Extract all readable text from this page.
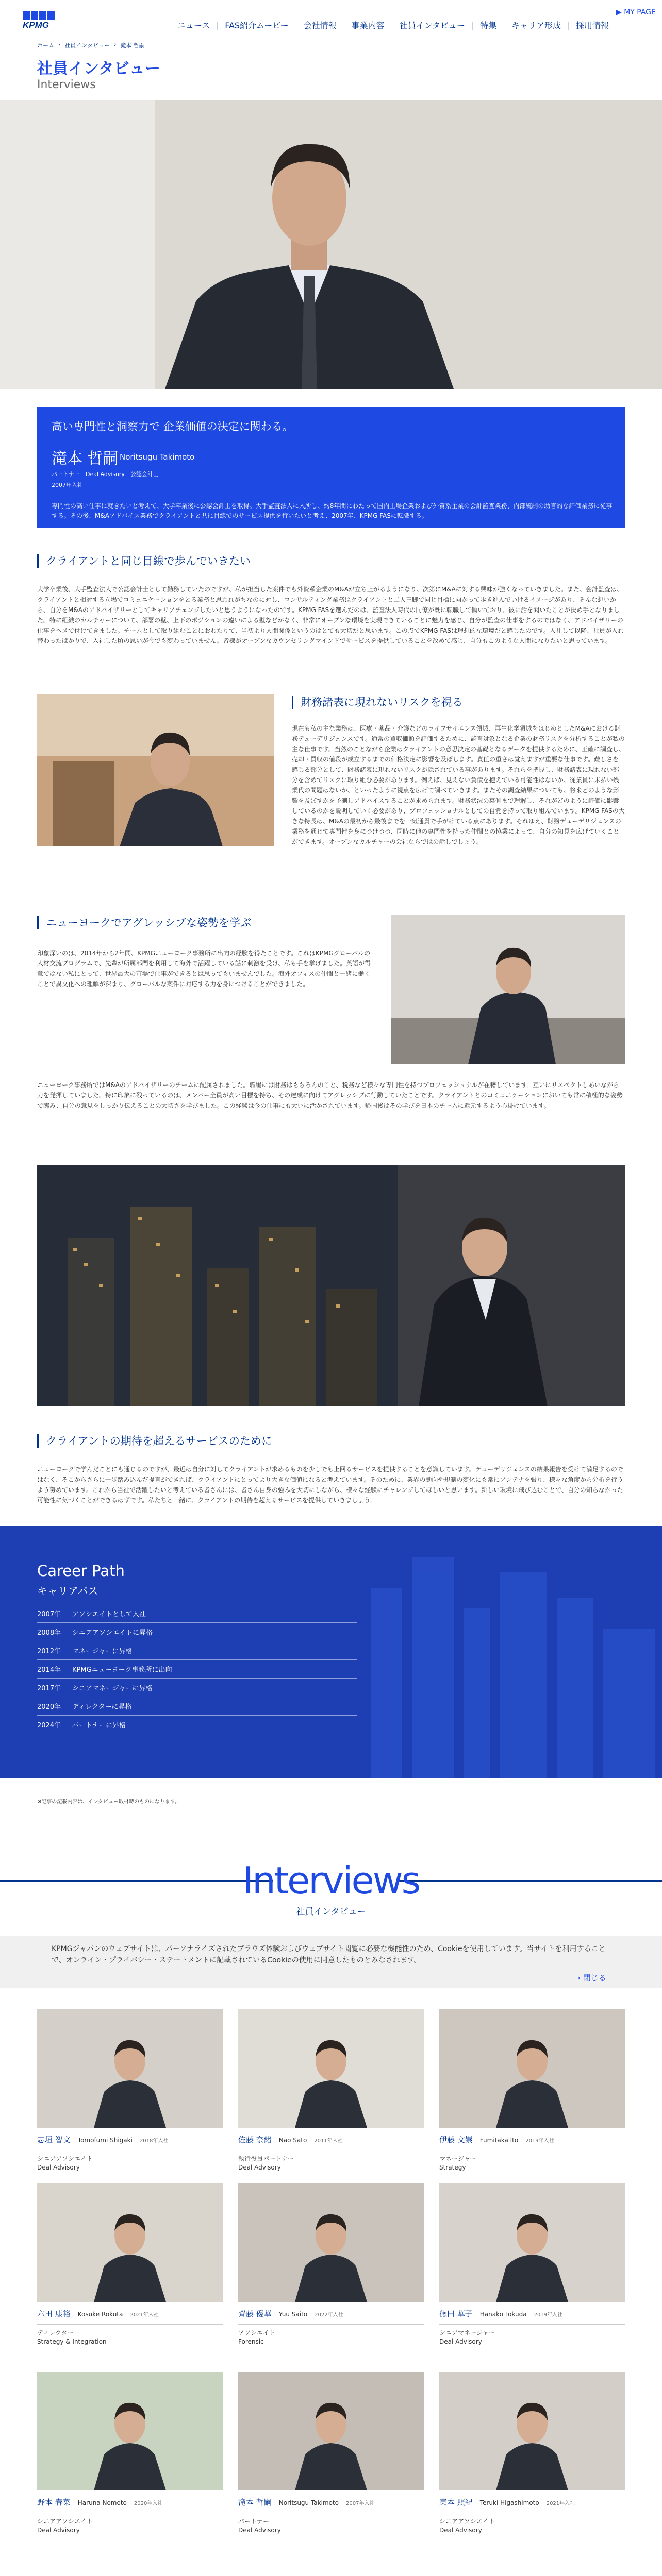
KPMG	ニュース	FAS紹介ムービー	会社情報	事業内容	社員インタビュー	特集	キャリア形成	採用情報
▶ MY PAGE
ホーム › 社員インタビュー › 滝本 哲嗣
社員インタビュー
Interviews
高い専門性と洞察力で 企業価値の決定に関わる。
滝本 哲嗣 Noritsugu Takimoto
パートナー　Deal Advisory　公認会計士
2007年入社
専門性の高い仕事に就きたいと考えて、大学卒業後に公認会計士を取得。大手監査法人に入所し、約8年間にわたって国内上場企業および外資系企業の会計監査業務、内部統制の助言的な評価業務に従事する。その後、M&Aアドバイス業務でクライアントと共に目線でのサービス提供を行いたいと考え、2007年、KPMG FASに転職する。
クライアントと同じ目線で歩んでいきたい
大学卒業後、大手監査法人で公認会計士として勤務していたのですが、私が担当した案件でも外資系企業のM&Aが立ち上がるようになり、次第にM&Aに対する興味が強くなっていきました。また、会計監査は、クライアントと相対する立場でコミュニケーションをとる業務と思われがちなのに対し、コンサルティング業務はクライアントと二人三脚で同じ目標に向かって歩き進んでいけるイメージがあり、そんな想いから、自分をM&Aのアドバイザリーとしてキャリアチェンジしたいと思うようになったのです。KPMG FASを選んだのは、監査法人時代の同僚が既に転職して働いており、彼に話を聞いたことが決め手となりました。特に組織のカルチャーについて、部署の壁、上下のポジションの違いによる壁などがなく、非常にオープンな環境を実現できていることに魅力を感じ、自分が監査の仕事をするのではなく、アドバイザリーの仕事をへメで付けてきました。チームとして取り組むことにおわたりて、当初より人間関係というのはとても大切だと思います。この点でKPMG FASは理想的な環境だと感じたのです。入社して以降、社員が入れ替わったばかりで、入社した頃の思いが今でも変わっていません。皆様がオープンなカウンセリングマインドでサービスを提供していることを改めて感じ、自分もこのような人間になりたいと思っています。
財務諸表に現れないリスクを視る
現在も私の主な業務は、医療・薬品・介護などのライフサイエンス領域、再生化学領域をはじめとしたM&Aにおける財務デューデリジェンスです。通常の買収価額を評価するために、監査対象となる企業の財務リスクを分析することが私の主な仕事です。当然のことながら企業はクライアントの意思決定の基礎となるデータを提供するために、正確に調査し、売却・買収の値段が成立するまでの価格決定に影響を及ぼします。責任の重さは覚えますが重要な仕事です。難しさを感じる部分として、財務諸表に現れないリスクが隠されている事があります。それらを把握し、財務諸表に現れない部分を含めてリスクに取り組む必要があります。例えば、見えない負債を抱えている可能性はないか、従業員に未払い残業代の問題はないか、といったように視点を広げて調べていきます。またその調査結果についても、将来どのような影響を及ぼすかを予測しアドバイスすることが求められます。財務状況の裏側まで理解し、それがどのように評価に影響しているのかを説明していく必要があり、プロフェッショナルとしての自覚を持って取り組んでいます。KPMG FASの大きな特長は、M&Aの最初から最後までを一気通貫で手がけている点にあります。それゆえ、財務デューデリジェンスの業務を通じて専門性を身につけつつ、同時に他の専門性を持った仲間との協業によって、自分の知見を広げていくことができます。オープンなカルチャーの会社ならではの話しでしょう。
ニューヨークでアグレッシブな姿勢を学ぶ
印象深いのは、2014年から2年間、KPMGニューヨーク事務所に出向の経験を得たことです。これはKPMGグローバルの人材交流プログラムで、先輩が所属部門を利用して海外で活躍している話に刺激を受け、私も手を挙げました。英語が得意ではない私にとって、世界最大の市場で仕事ができるとは思ってもいませんでした。海外オフィスの仲間と一緒に働くことで異文化への理解が深まり、グローバルな案件に対応する力を身につけることができました。
ニューヨーク事務所ではM&Aのアドバイザリーのチームに配属されました。職場には財務はもちろんのこと、税務など様々な専門性を持つプロフェッショナルが在籍しています。互いにリスペクトしあいながら力を発揮していました。特に印象に残っているのは、メンバー全員が高い目標を持ち、その達成に向けてアグレッシブに行動していたことです。クライアントとのコミュニケーションにおいても常に積極的な姿勢で臨み、自分の意見をしっかり伝えることの大切さを学びました。この経験は今の仕事にも大いに活かされています。帰国後はその学びを日本のチームに還元するよう心掛けています。
クライアントの期待を超えるサービスのために
ニューヨークで学んだことにも通じるのですが、最近は自分に対してクライアントが求めるものを少しでも上回るサービスを提供することを意識しています。デューデリジェンスの結果報告を受けて満足するのではなく、そこからさらに一歩踏み込んだ提言ができれば、クライアントにとってより大きな価値になると考えています。そのために、業界の動向や規制の変化にも常にアンテナを張り、様々な角度から分析を行うよう努めています。これから当社で活躍したいと考えている皆さんには、皆さん自身の強みを大切にしながら、様々な経験にチャレンジしてほしいと思います。新しい環境に飛び込むことで、自分の知らなかった可能性に気づくことができるはずです。私たちと一緒に、クライアントの期待を超えるサービスを提供していきましょう。
Career Path
キャリアパス
2007年	アソシエイトとして入社
2008年	シニアアソシエイトに昇格
2012年	マネージャーに昇格
2014年	KPMGニューヨーク事務所に出向
2017年	シニアマネージャーに昇格
2020年	ディレクターに昇格
2024年	パートナーに昇格
※記事の記載内容は、インタビュー取材時のものになります。
Interviews
社員インタビュー
KPMGジャパンのウェブサイトは、パーソナライズされたブラウズ体験およびウェブサイト閲覧に必要な機能性のため、Cookieを使用しています。当サイトを利用することで、オンライン・プライバシー・ステートメントに記載されているCookieの使用に同意したものとみなされます。
› 閉じる
志垣 智文 Tomofumi Shigaki 2018年入社
シニアアソシエイト
Deal Advisory
佐藤 奈緒 Nao Sato 2011年入社
執行役員パートナー
Deal Advisory
伊藤 文崇 Fumitaka Ito 2019年入社
マネージャー
Strategy
六田 康裕 Kosuke Rokuta 2021年入社
ディレクター
Strategy & Integration
齊藤 優華 Yuu Saito 2022年入社
アソシエイト
Forensic
徳田 華子 Hanako Tokuda 2019年入社
シニアマネージャー
Deal Advisory
野本 春菜 Haruna Nomoto 2020年入社
シニアアソシエイト
Deal Advisory
滝本 哲嗣 Noritsugu Takimoto 2007年入社
パートナー
Deal Advisory
東本 照紀 Teruki Higashimoto 2021年入社
シニアアソシエイト
Deal Advisory
